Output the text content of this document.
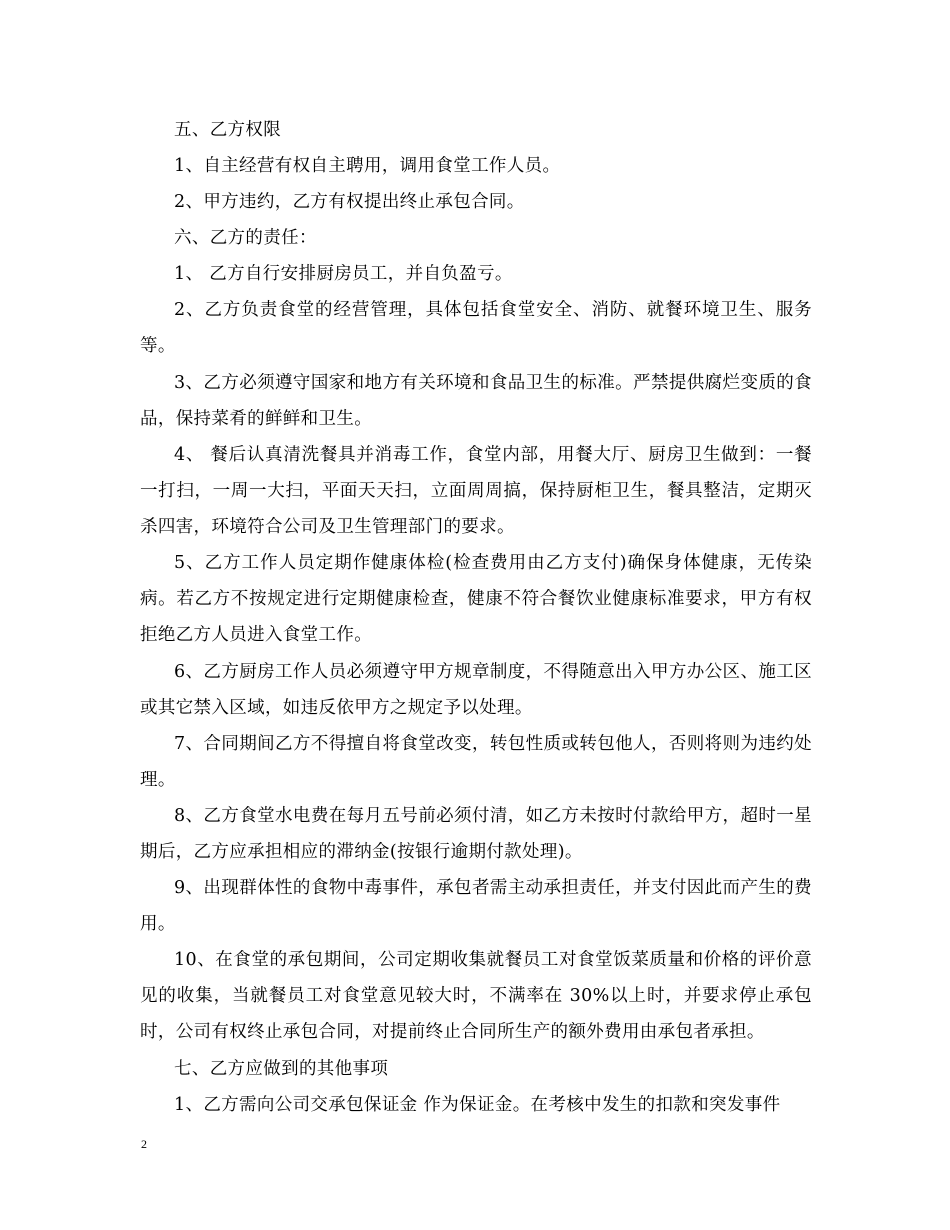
五、乙方权限

1、自主经营有权自主聘用，调用食堂工作人员。

2、甲方违约，乙方有权提出终止承包合同。

六、乙方的责任：

1、 乙方自行安排厨房员工，并自负盈亏。

2、乙方负责食堂的经营管理，具体包括食堂安全、消防、就餐环境卫生、服务等。

3、乙方必须遵守国家和地方有关环境和食品卫生的标准。严禁提供腐烂变质的食品，保持菜肴的鲜鲜和卫生。

4、 餐后认真清洗餐具并消毒工作，食堂内部，用餐大厅、厨房卫生做到：一餐一打扫，一周一大扫，平面天天扫，立面周周搞，保持厨柜卫生，餐具整洁，定期灭杀四害，环境符合公司及卫生管理部门的要求。

5、乙方工作人员定期作健康体检(检查费用由乙方支付)确保身体健康，无传染病。若乙方不按规定进行定期健康检查，健康不符合餐饮业健康标准要求，甲方有权拒绝乙方人员进入食堂工作。

6、乙方厨房工作人员必须遵守甲方规章制度，不得随意出入甲方办公区、施工区或其它禁入区域，如违反依甲方之规定予以处理。

7、合同期间乙方不得擅自将食堂改变，转包性质或转包他人，否则将则为违约处理。

8、乙方食堂水电费在每月五号前必须付清，如乙方未按时付款给甲方，超时一星期后，乙方应承担相应的滞纳金(按银行逾期付款处理)。

9、出现群体性的食物中毒事件，承包者需主动承担责任，并支付因此而产生的费用。

10、在食堂的承包期间，公司定期收集就餐员工对食堂饭菜质量和价格的评价意见的收集，当就餐员工对食堂意见较大时，不满率在 30%以上时，并要求停止承包时，公司有权终止承包合同，对提前终止合同所生产的额外费用由承包者承担。

七、乙方应做到的其他事项

1、乙方需向公司交承包保证金 作为保证金。在考核中发生的扣款和突发事件

2
